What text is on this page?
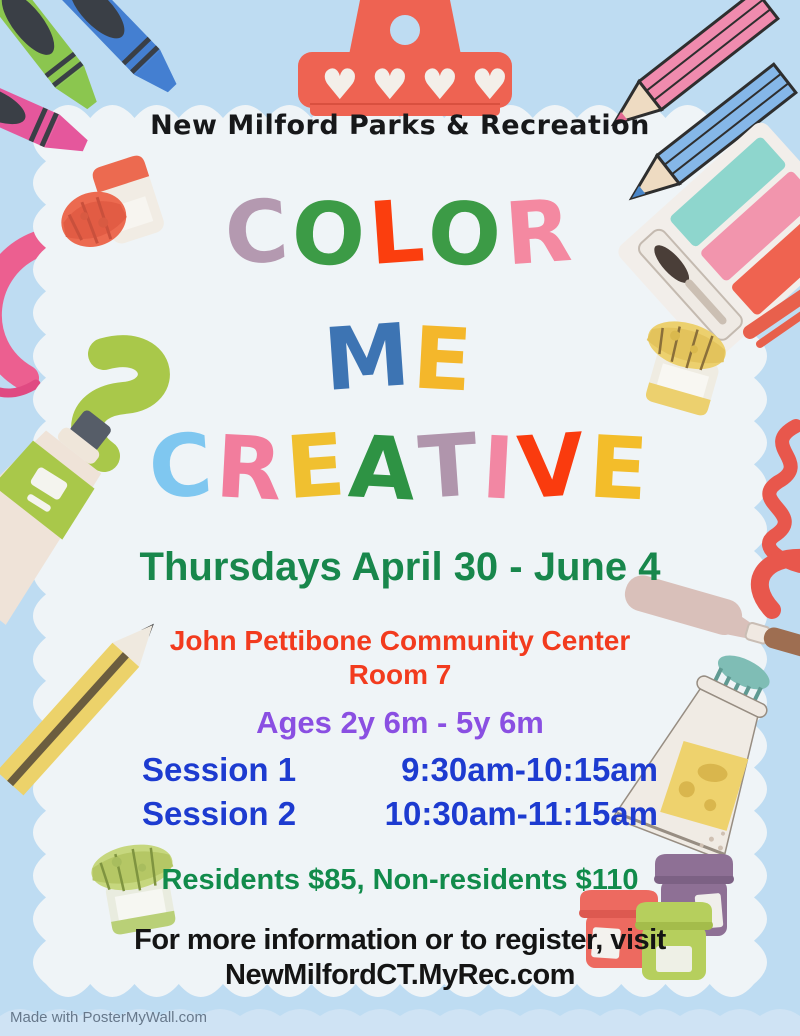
♥ ♥ ♥ ♥
New Milford Parks & Recreation
COLOR
ME
CREATIVE
Thursdays April 30 - June 4
John Pettibone Community Center
Room 7
Ages 2y 6m - 5y 6m
Session 1	9:30am-10:15am
Session 2	10:30am-11:15am
Residents $85, Non-residents $110
For more information or to register, visit
NewMilfordCT.MyRec.com
Made with PosterMyWall.com
